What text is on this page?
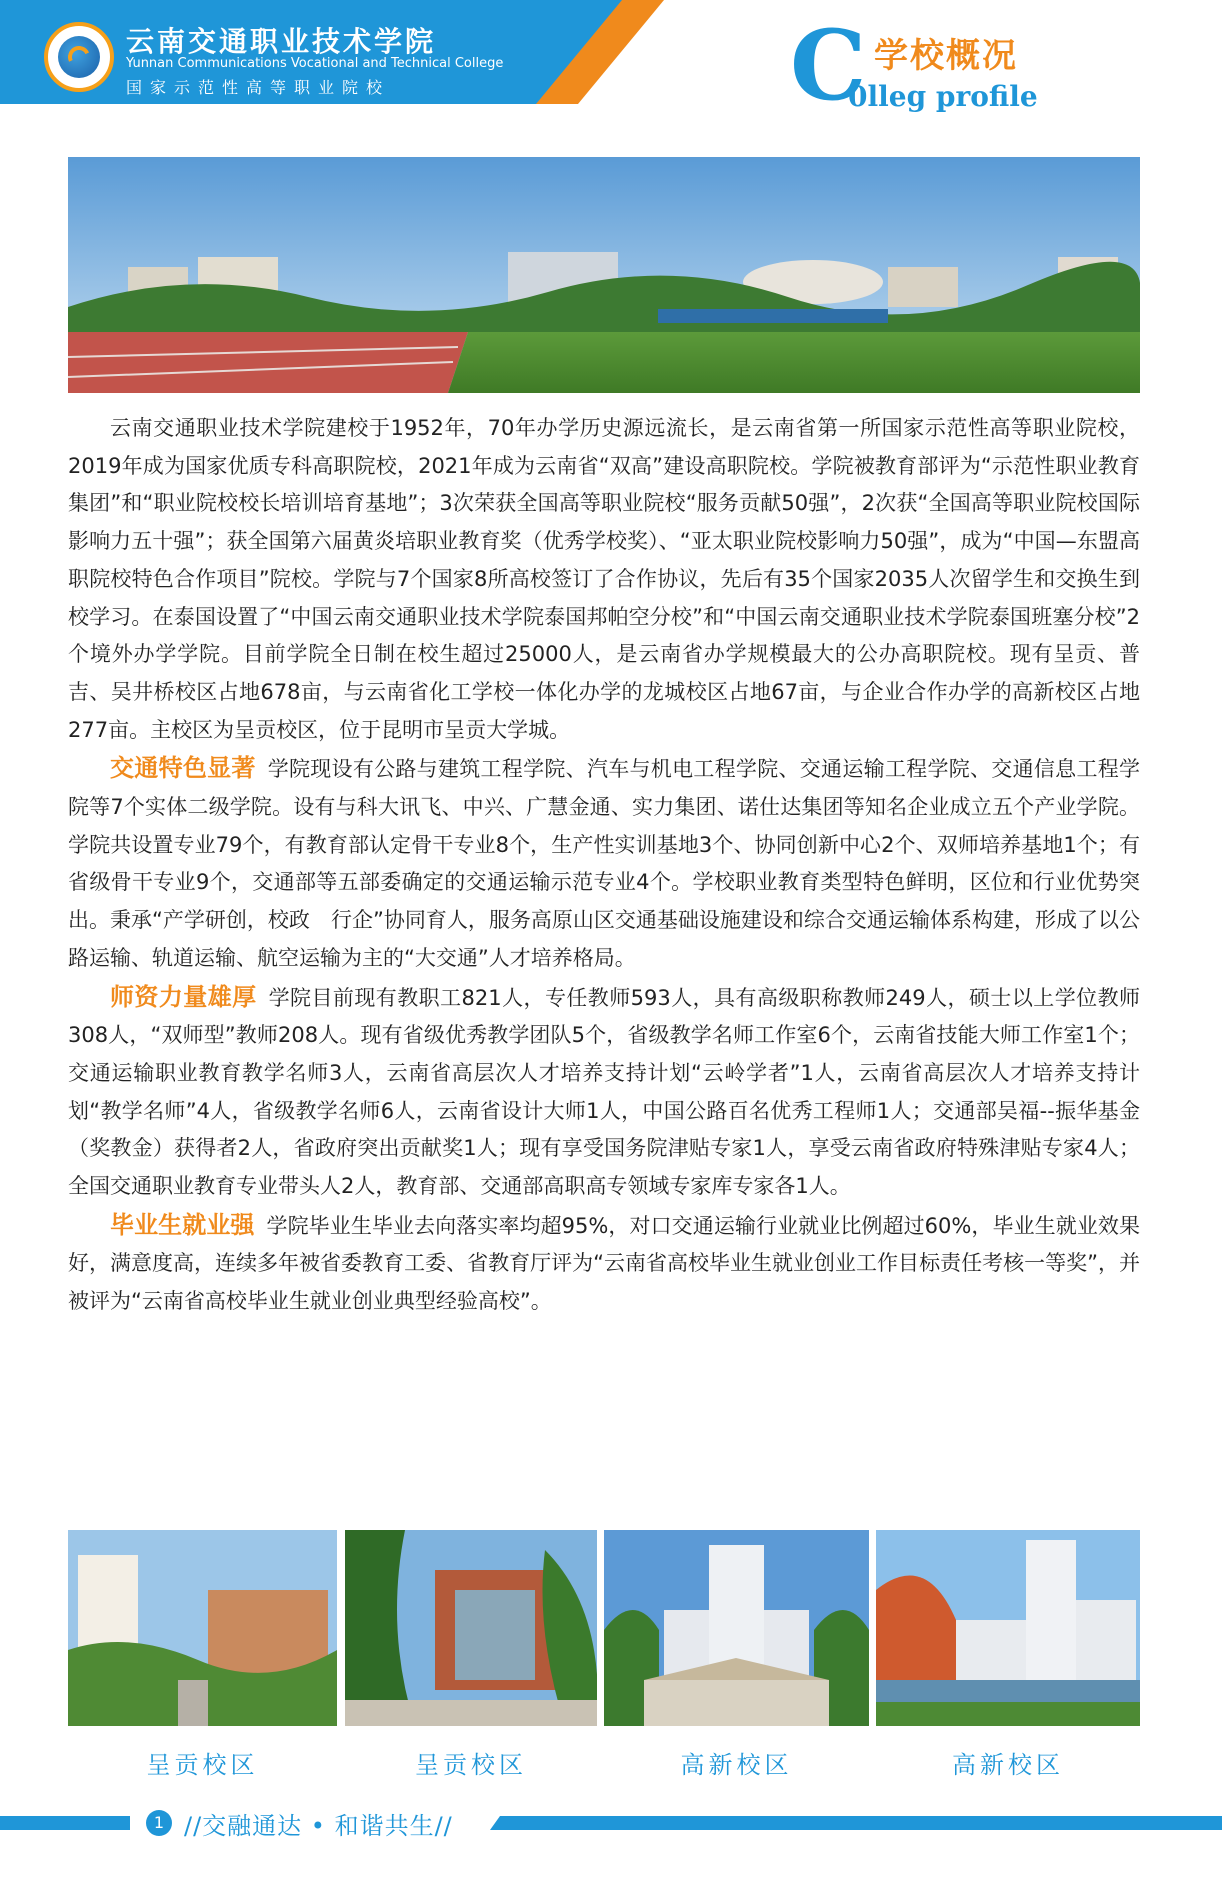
云南交通职业技术学院
Yunnan Communications Vocational and Technical College
国家示范性高等职业院校	C 学校概况
0lleg profile

云南交通职业技术学院建校于1952年，70年办学历史源远流长，是云南省第一所国家示范性高等职业院校，2019年成为国家优质专科高职院校，2021年成为云南省“双高”建设高职院校。学院被教育部评为“示范性职业教育集团”和“职业院校校长培训培育基地”；3次荣获全国高等职业院校“服务贡献50强”，2次获“全国高等职业院校国际影响力五十强”；获全国第六届黄炎培职业教育奖（优秀学校奖）、“亚太职业院校影响力50强”，成为“中国—东盟高职院校特色合作项目”院校。学院与7个国家8所高校签订了合作协议，先后有35个国家2035人次留学生和交换生到校学习。在泰国设置了“中国云南交通职业技术学院泰国邦帕空分校”和“中国云南交通职业技术学院泰国班塞分校”2个境外办学学院。目前学院全日制在校生超过25000人，是云南省办学规模最大的公办高职院校。现有呈贡、普吉、吴井桥校区占地678亩，与云南省化工学校一体化办学的龙城校区占地67亩，与企业合作办学的高新校区占地277亩。主校区为呈贡校区，位于昆明市呈贡大学城。

交通特色显著 学院现设有公路与建筑工程学院、汽车与机电工程学院、交通运输工程学院、交通信息工程学院等7个实体二级学院。设有与科大讯飞、中兴、广慧金通、实力集团、诺仕达集团等知名企业成立五个产业学院。学院共设置专业79个，有教育部认定骨干专业8个，生产性实训基地3个、协同创新中心2个、双师培养基地1个；有省级骨干专业9个，交通部等五部委确定的交通运输示范专业4个。学校职业教育类型特色鲜明，区位和行业优势突出。秉承“产学研创，校政　行企”协同育人，服务高原山区交通基础设施建设和综合交通运输体系构建，形成了以公路运输、轨道运输、航空运输为主的“大交通”人才培养格局。

师资力量雄厚 学院目前现有教职工821人，专任教师593人，具有高级职称教师249人，硕士以上学位教师308人，“双师型”教师208人。现有省级优秀教学团队5个，省级教学名师工作室6个，云南省技能大师工作室1个；交通运输职业教育教学名师3人，云南省高层次人才培养支持计划“云岭学者”1人，云南省高层次人才培养支持计划“教学名师”4人，省级教学名师6人，云南省设计大师1人，中国公路百名优秀工程师1人；交通部吴福--振华基金（奖教金）获得者2人，省政府突出贡献奖1人；现有享受国务院津贴专家1人，享受云南省政府特殊津贴专家4人；全国交通职业教育专业带头人2人，教育部、交通部高职高专领域专家库专家各1人。

毕业生就业强 学院毕业生毕业去向落实率均超95%，对口交通运输行业就业比例超过60%，毕业生就业效果好，满意度高，连续多年被省委教育工委、省教育厅评为“云南省高校毕业生就业创业工作目标责任考核一等奖”，并被评为“云南省高校毕业生就业创业典型经验高校”。

呈贡校区	呈贡校区	高新校区	高新校区
1 //交融通达 • 和谐共生//
